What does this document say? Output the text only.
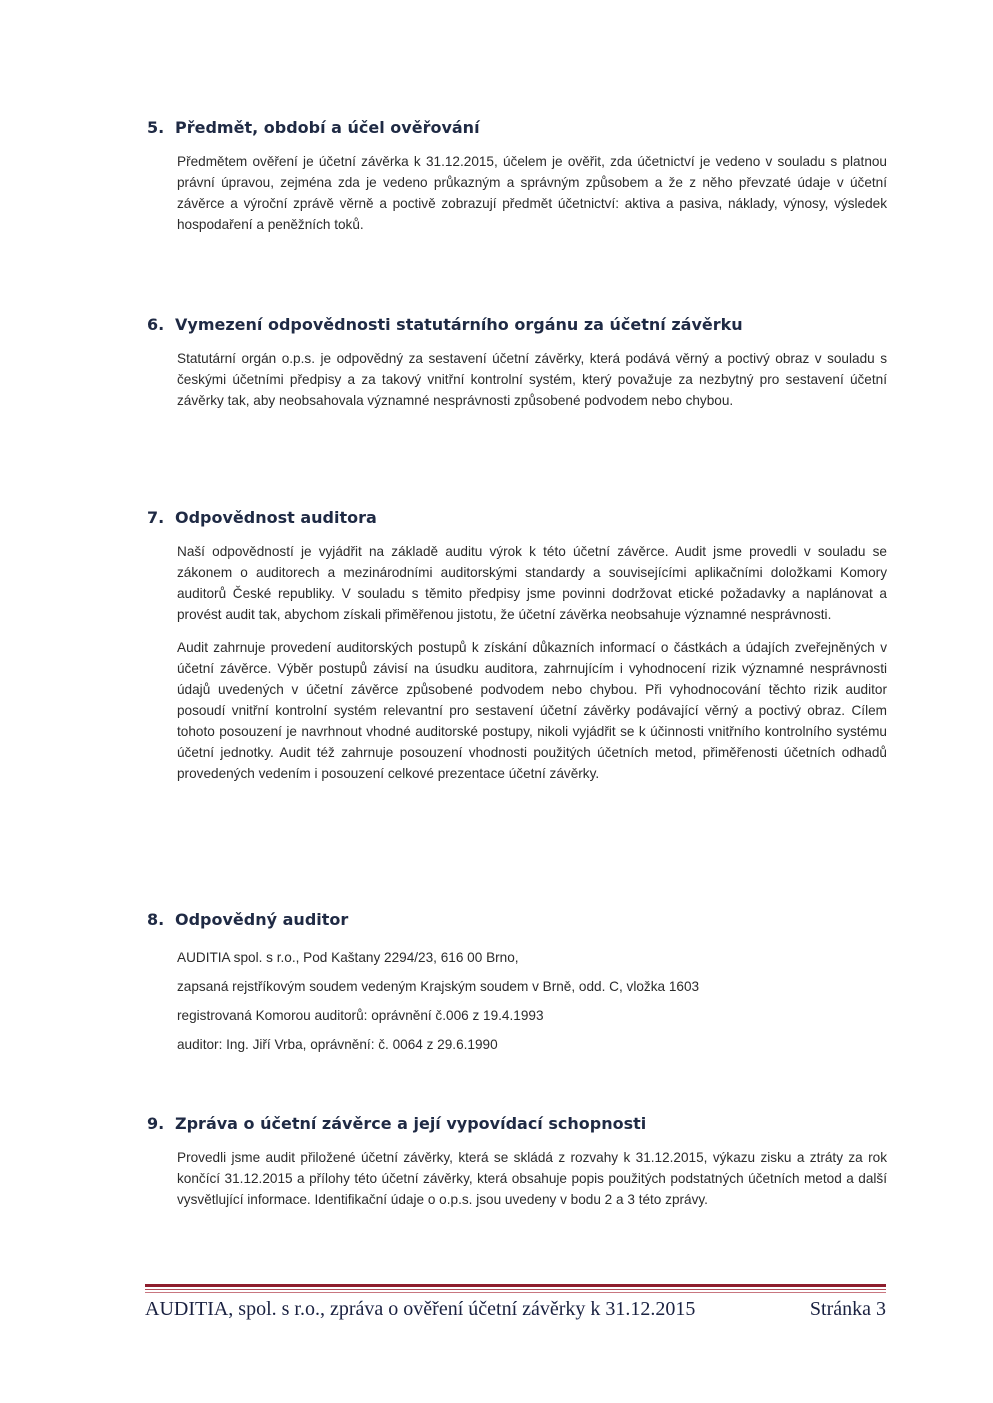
5. Předmět, období a účel ověřování

Předmětem ověření je účetní závěrka k 31.12.2015, účelem je ověřit, zda účetnictví je vedeno v souladu s platnou právní úpravou, zejména zda je vedeno průkazným a správným způsobem a že z něho převzaté údaje v účetní závěrce a výroční zprávě věrně a poctivě zobrazují předmět účetnictví: aktiva a pasiva, náklady, výnosy, výsledek hospodaření a peněžních toků.

6. Vymezení odpovědnosti statutárního orgánu za účetní závěrku

Statutární orgán o.p.s. je odpovědný za sestavení účetní závěrky, která podává věrný a poctivý obraz v souladu s českými účetními předpisy a za takový vnitřní kontrolní systém, který považuje za nezbytný pro sestavení účetní závěrky tak, aby neobsahovala významné nesprávnosti způsobené podvodem nebo chybou.

7. Odpovědnost auditora

Naší odpovědností je vyjádřit na základě auditu výrok k této účetní závěrce. Audit jsme provedli v souladu se zákonem o auditorech a mezinárodními auditorskými standardy a souvisejícími aplikačními doložkami Komory auditorů České republiky. V souladu s těmito předpisy jsme povinni dodržovat etické požadavky a naplánovat a provést audit tak, abychom získali přiměřenou jistotu, že účetní závěrka neobsahuje významné nesprávnosti.

Audit zahrnuje provedení auditorských postupů k získání důkazních informací o částkách a údajích zveřejněných v účetní závěrce. Výběr postupů závisí na úsudku auditora, zahrnujícím i vyhodnocení rizik významné nesprávnosti údajů uvedených v účetní závěrce způsobené podvodem nebo chybou. Při vyhodnocování těchto rizik auditor posoudí vnitřní kontrolní systém relevantní pro sestavení účetní závěrky podávající věrný a poctivý obraz. Cílem tohoto posouzení je navrhnout vhodné auditorské postupy, nikoli vyjádřit se k účinnosti vnitřního kontrolního systému účetní jednotky. Audit též zahrnuje posouzení vhodnosti použitých účetních metod, přiměřenosti účetních odhadů provedených vedením i posouzení celkové prezentace účetní závěrky.

8. Odpovědný auditor
AUDITIA spol. s r.o., Pod Kaštany 2294/23, 616 00 Brno,
zapsaná rejstříkovým soudem vedeným Krajským soudem v Brně, odd. C, vložka 1603
registrovaná Komorou auditorů: oprávnění č.006 z 19.4.1993
auditor: Ing. Jiří Vrba, oprávnění: č. 0064 z 29.6.1990
9. Zpráva o účetní závěrce a její vypovídací schopnosti

Provedli jsme audit přiložené účetní závěrky, která se skládá z rozvahy k 31.12.2015, výkazu zisku a ztráty za rok končící 31.12.2015 a přílohy této účetní závěrky, která obsahuje popis použitých podstatných účetních metod a další vysvětlující informace. Identifikační údaje o o.p.s. jsou uvedeny v bodu 2 a 3 této zprávy.

AUDITIA, spol. s r.o., zpráva o ověření účetní závěrky k 31.12.2015	Stránka 3
